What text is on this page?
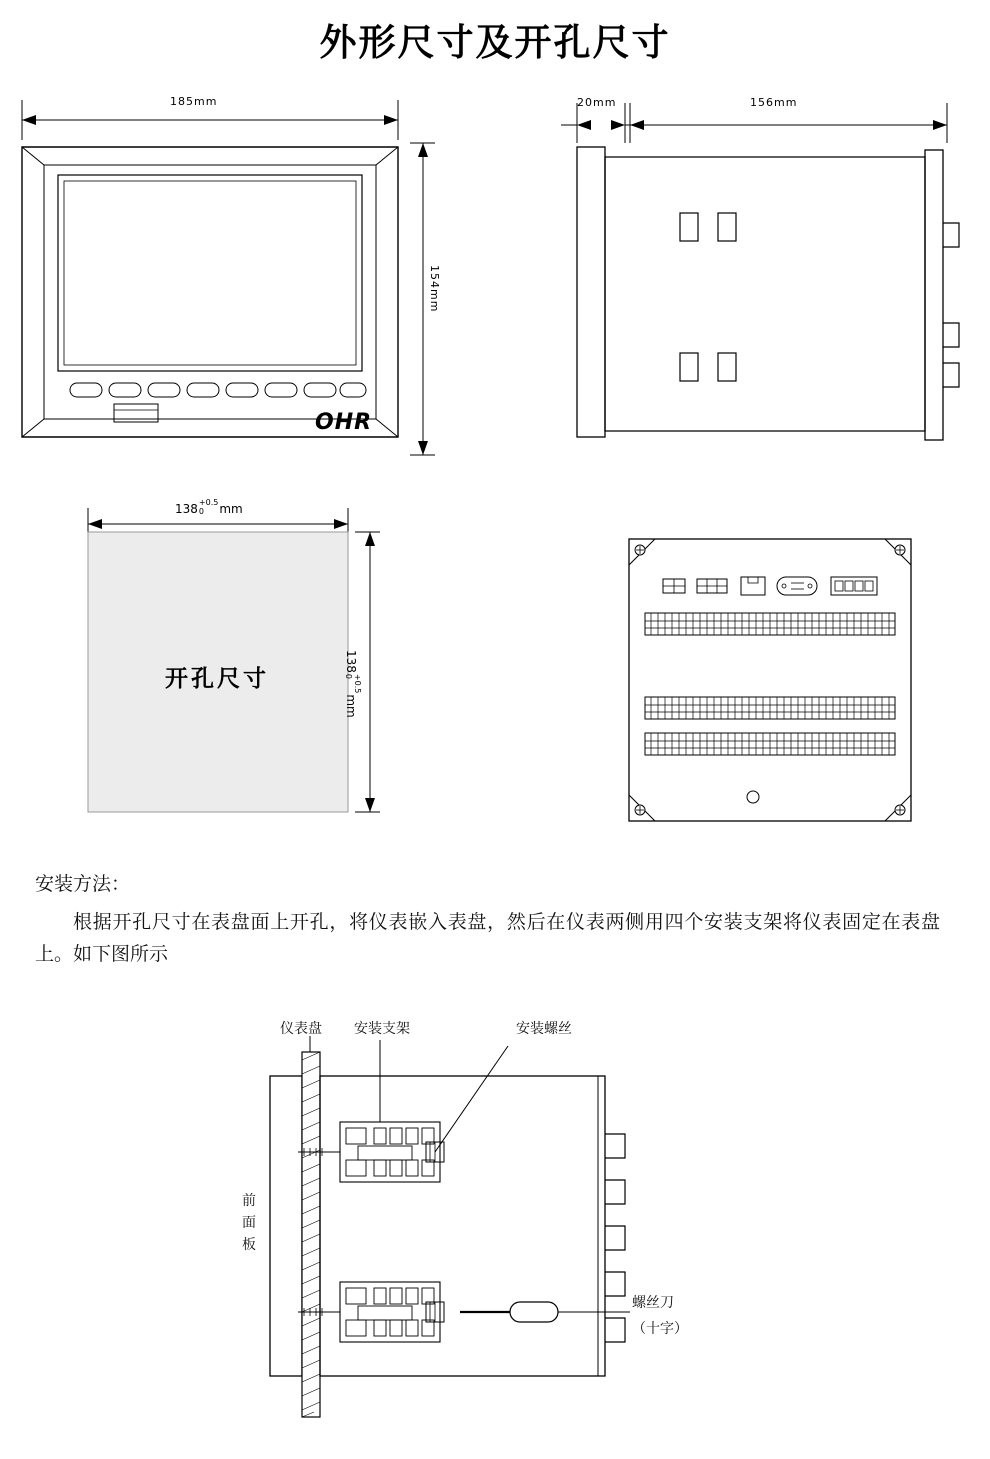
外形尺寸及开孔尺寸
185mm
154mm
OHR
20mm	156mm
138 +0.5
0	mm
138
+0.5
0
mm
开孔尺寸
安装方法：
根据开孔尺寸在表盘面上开孔，将仪表嵌入表盘，然后在仪表两侧用四个安装支架将仪表固定在表盘上。如下图所示
仪表盘 安装支架	安装螺丝
前面板
螺丝刀
（十字）
